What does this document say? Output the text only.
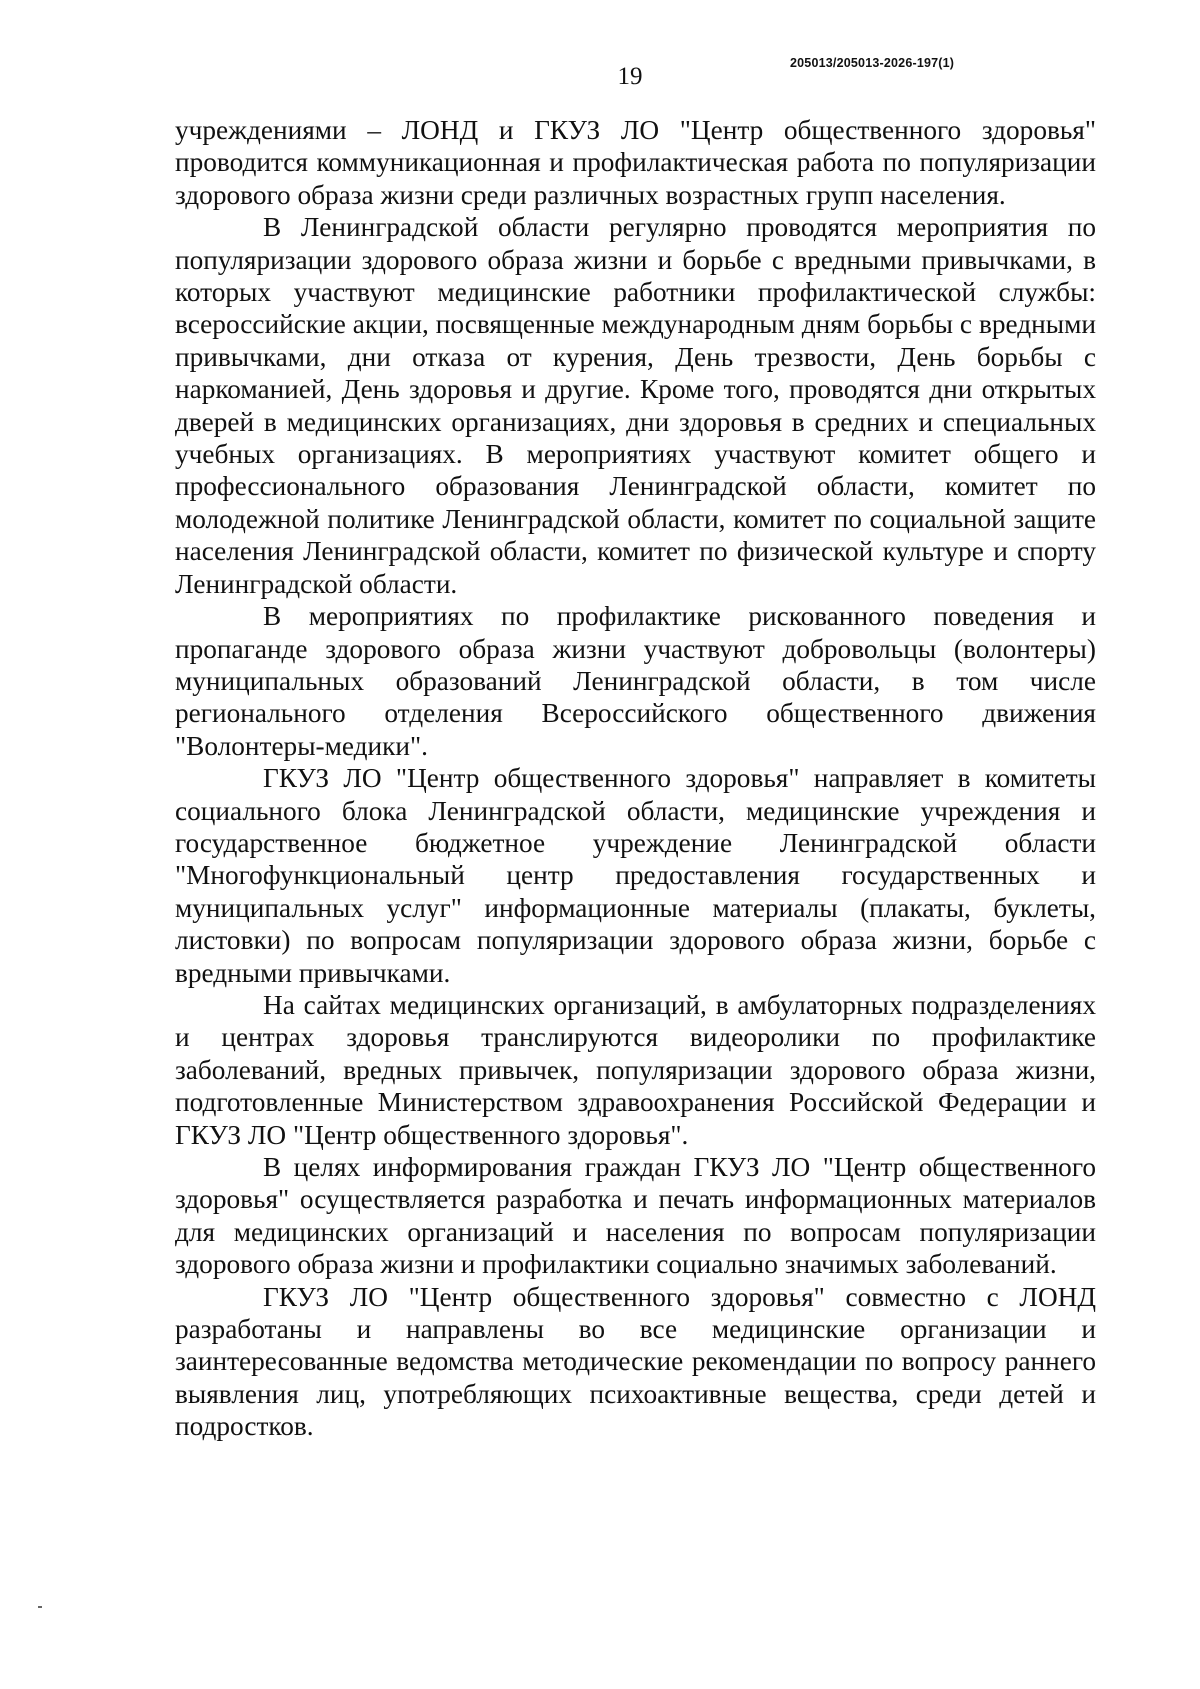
19	205013/205013-2026-197(1)

учреждениями – ЛОНД и ГКУЗ ЛО "Центр общественного здоровья" проводится коммуникационная и профилактическая работа по популяризации здорового образа жизни среди различных возрастных групп населения.

В Ленинградской области регулярно проводятся мероприятия по популяризации здорового образа жизни и борьбе с вредными привычками, в которых участвуют медицинские работники профилактической службы: всероссийские акции, посвященные международным дням борьбы с вредными привычками, дни отказа от курения, День трезвости, День борьбы с наркоманией, День здоровья и другие. Кроме того, проводятся дни открытых дверей в медицинских организациях, дни здоровья в средних и специальных учебных организациях. В мероприятиях участвуют комитет общего и профессионального образования Ленинградской области, комитет по молодежной политике Ленинградской области, комитет по социальной защите населения Ленинградской области, комитет по физической культуре и спорту Ленинградской области.

В мероприятиях по профилактике рискованного поведения и пропаганде здорового образа жизни участвуют добровольцы (волонтеры) муниципальных образований Ленинградской области, в том числе регионального отделения Всероссийского общественного движения "Волонтеры-медики".

ГКУЗ ЛО "Центр общественного здоровья" направляет в комитеты социального блока Ленинградской области, медицинские учреждения и государственное бюджетное учреждение Ленинградской области "Многофункциональный центр предоставления государственных и муниципальных услуг" информационные материалы (плакаты, буклеты, листовки) по вопросам популяризации здорового образа жизни, борьбе с вредными привычками.

На сайтах медицинских организаций, в амбулаторных подразделениях и центрах здоровья транслируются видеоролики по профилактике заболеваний, вредных привычек, популяризации здорового образа жизни, подготовленные Министерством здравоохранения Российской Федерации и ГКУЗ ЛО "Центр общественного здоровья".

В целях информирования граждан ГКУЗ ЛО "Центр общественного здоровья" осуществляется разработка и печать информационных материалов для медицинских организаций и населения по вопросам популяризации здорового образа жизни и профилактики социально значимых заболеваний.

ГКУЗ ЛО "Центр общественного здоровья" совместно с ЛОНД разработаны и направлены во все медицинские организации и заинтересованные ведомства методические рекомендации по вопросу раннего выявления лиц, употребляющих психоактивные вещества, среди детей и подростков.
